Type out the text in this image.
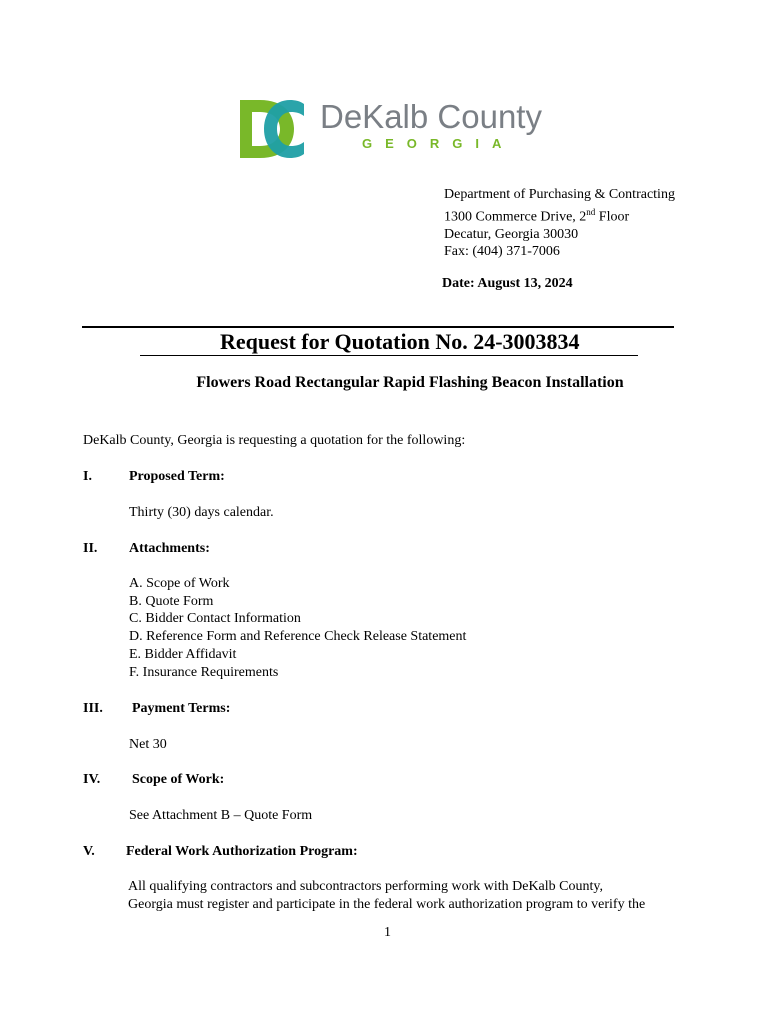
DeKalb County
GEORGIA
Department of Purchasing & Contracting
1300 Commerce Drive, 2nd Floor
Decatur, Georgia 30030
Fax: (404) 371-7006
Date: August 13, 2024
Request for Quotation No. 24-3003834
Flowers Road Rectangular Rapid Flashing Beacon Installation
DeKalb County, Georgia is requesting a quotation for the following:
I.	Proposed Term:
Thirty (30) days calendar.
II. Attachments:
A. Scope of Work
B. Quote Form
C. Bidder Contact Information
D. Reference Form and Reference Check Release Statement
E. Bidder Affidavit
F. Insurance Requirements
III. Payment Terms:
Net 30
IV. Scope of Work:
See Attachment B – Quote Form
V. Federal Work Authorization Program:
All qualifying contractors and subcontractors performing work with DeKalb County,
Georgia must register and participate in the federal work authorization program to verify the
1
